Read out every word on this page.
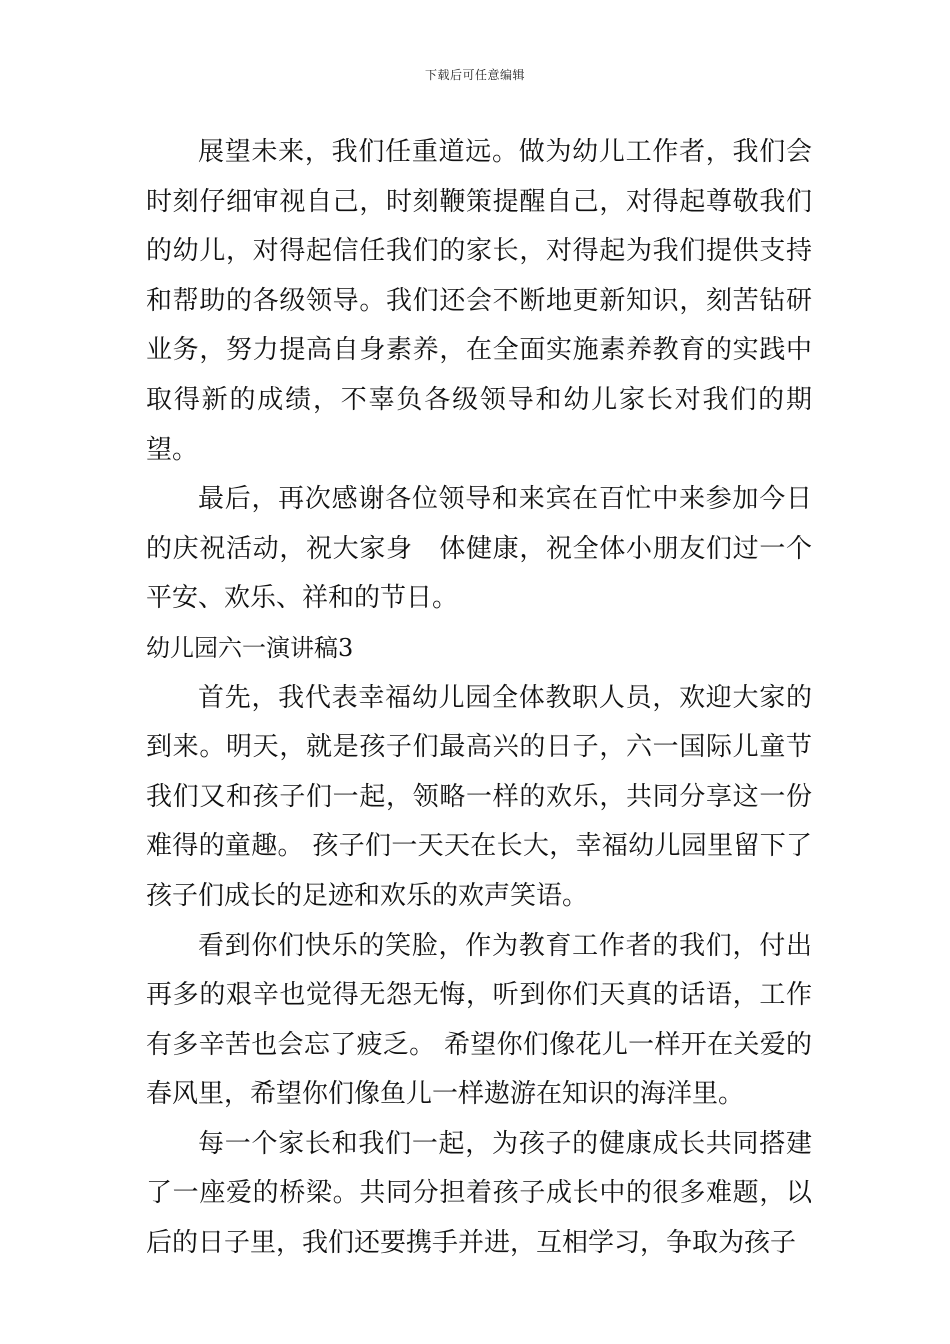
下载后可任意编辑

展望未来，我们任重道远。做为幼儿工作者，我们会时刻仔细审视自己，时刻鞭策提醒自己，对得起尊敬我们的幼儿，对得起信任我们的家长，对得起为我们提供支持和帮助的各级领导。我们还会不断地更新知识，刻苦钻研业务，努力提高自身素养，在全面实施素养教育的实践中取得新的成绩，不辜负各级领导和幼儿家长对我们的期望。

最后，再次感谢各位领导和来宾在百忙中来参加今日的庆祝活动，祝大家身　体健康，祝全体小朋友们过一个平安、欢乐、祥和的节日。

幼儿园六一演讲稿3

首先，我代表幸福幼儿园全体教职人员，欢迎大家的到来。明天，就是孩子们最高兴的日子，六一国际儿童节我们又和孩子们一起，领略一样的欢乐，共同分享这一份难得的童趣。 孩子们一天天在长大，幸福幼儿园里留下了孩子们成长的足迹和欢乐的欢声笑语。

看到你们快乐的笑脸，作为教育工作者的我们，付出再多的艰辛也觉得无怨无悔，听到你们天真的话语，工作有多辛苦也会忘了疲乏。 希望你们像花儿一样开在关爱的春风里，希望你们像鱼儿一样遨游在知识的海洋里。

每一个家长和我们一起，为孩子的健康成长共同搭建了一座爱的桥梁。共同分担着孩子成长中的很多难题，以后的日子里，我们还要携手并进，互相学习，争取为孩子
